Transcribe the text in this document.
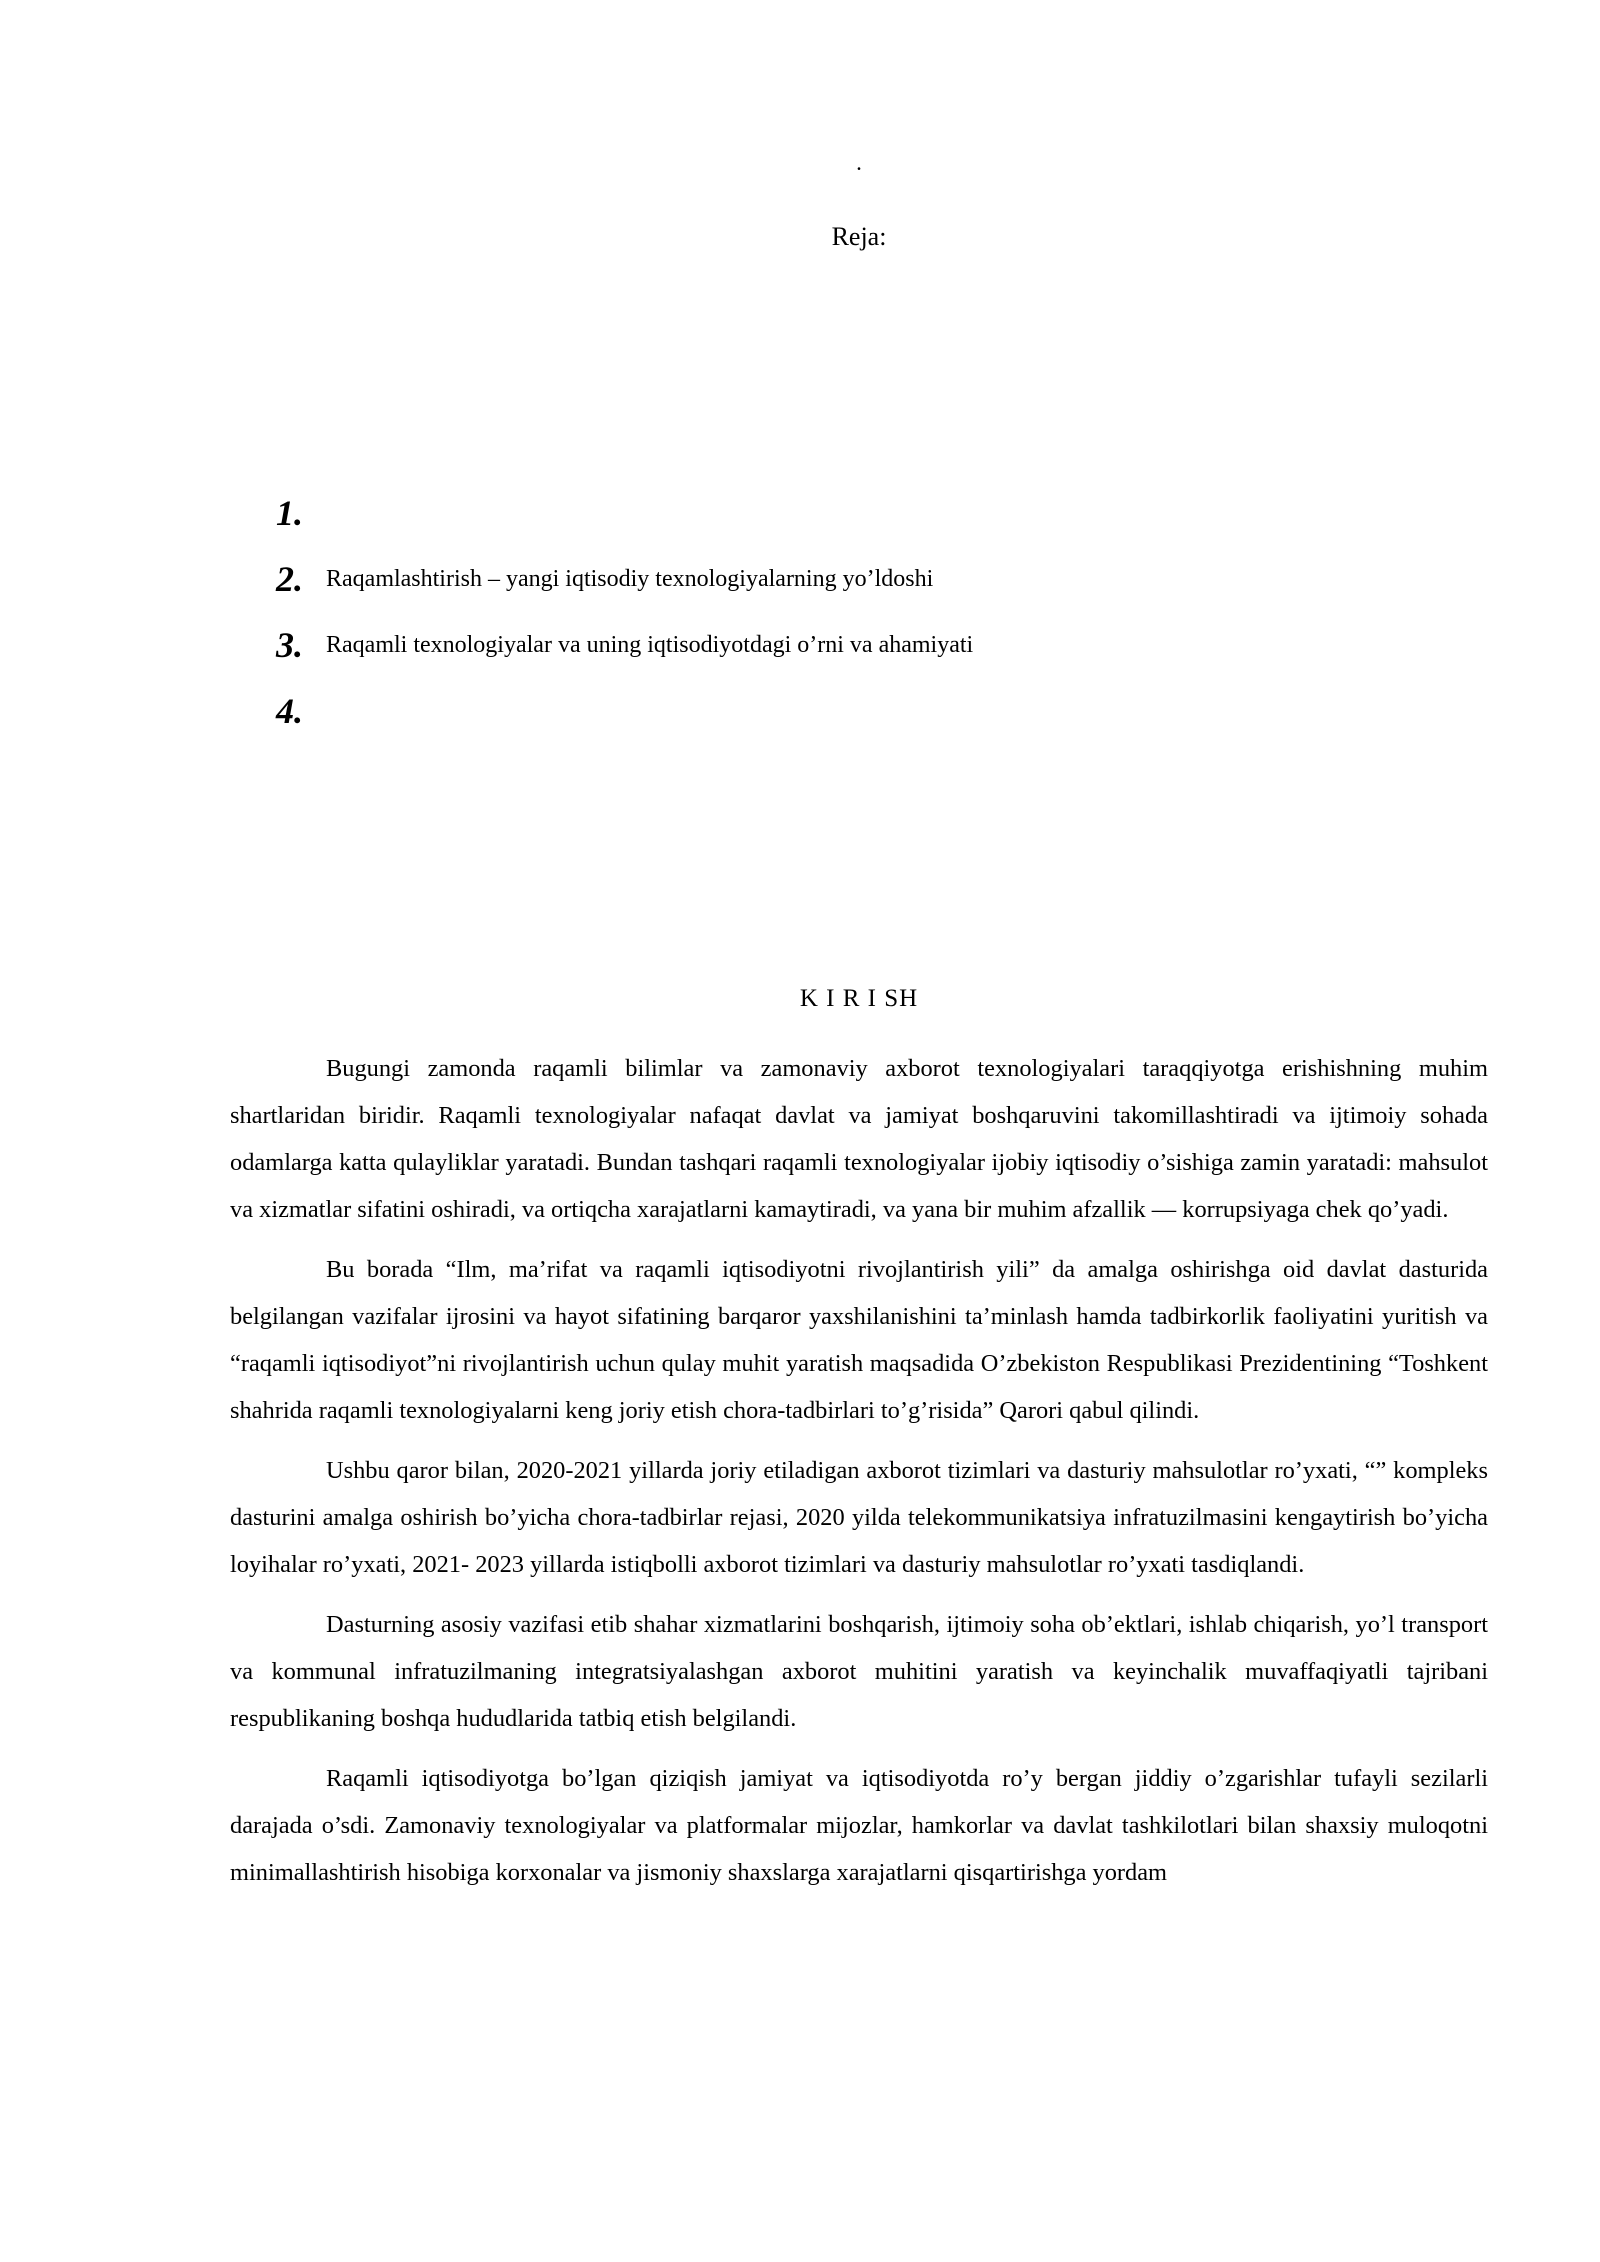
.
Reja:
1.
2. Raqamlashtirish – yangi iqtisodiy texnologiyalarning yo’ldoshi
3. Raqamli texnologiyalar va uning iqtisodiyotdagi o’rni va ahamiyati
4.
K I R I SH

Bugungi zamonda raqamli bilimlar va zamonaviy axborot texnologiyalari taraqqiyotga erishishning muhim shartlaridan biridir. Raqamli texnologiyalar nafaqat davlat va jamiyat boshqaruvini takomillashtiradi va ijtimoiy sohada odamlarga katta qulayliklar yaratadi. Bundan tashqari raqamli texnologiyalar ijobiy iqtisodiy o’sishiga zamin yaratadi: mahsulot va xizmatlar sifatini oshiradi, va ortiqcha xarajatlarni kamaytiradi, va yana bir muhim afzallik — korrupsiyaga chek qo’yadi.

Bu borada “Ilm, ma’rifat va raqamli iqtisodiyotni rivojlantirish yili” da amalga oshirishga oid davlat dasturida belgilangan vazifalar ijrosini va hayot sifatining barqaror yaxshilanishini ta’minlash hamda tadbirkorlik faoliyatini yuritish va “raqamli iqtisodiyot”ni rivojlantirish uchun qulay muhit yaratish maqsadida O’zbekiston Respublikasi Prezidentining “Toshkent shahrida raqamli texnologiyalarni keng joriy etish chora-tadbirlari to’g’risida” Qarori qabul qilindi.

Ushbu qaror bilan, 2020-2021 yillarda joriy etiladigan axborot tizimlari va dasturiy mahsulotlar ro’yxati, “” kompleks dasturini amalga oshirish bo’yicha chora-tadbirlar rejasi, 2020 yilda telekommunikatsiya infratuzilmasini kengaytirish bo’yicha loyihalar ro’yxati, 2021- 2023 yillarda istiqbolli axborot tizimlari va dasturiy mahsulotlar ro’yxati tasdiqlandi.

Dasturning asosiy vazifasi etib shahar xizmatlarini boshqarish, ijtimoiy soha ob’ektlari, ishlab chiqarish, yo’l transport va kommunal infratuzilmaning integratsiyalashgan axborot muhitini yaratish va keyinchalik muvaffaqiyatli tajribani respublikaning boshqa hududlarida tatbiq etish belgilandi.

Raqamli iqtisodiyotga bo’lgan qiziqish jamiyat va iqtisodiyotda ro’y bergan jiddiy o’zgarishlar tufayli sezilarli darajada o’sdi. Zamonaviy texnologiyalar va platformalar mijozlar, hamkorlar va davlat tashkilotlari bilan shaxsiy muloqotni minimallashtirish hisobiga korxonalar va jismoniy shaxslarga xarajatlarni qisqartirishga yordam
